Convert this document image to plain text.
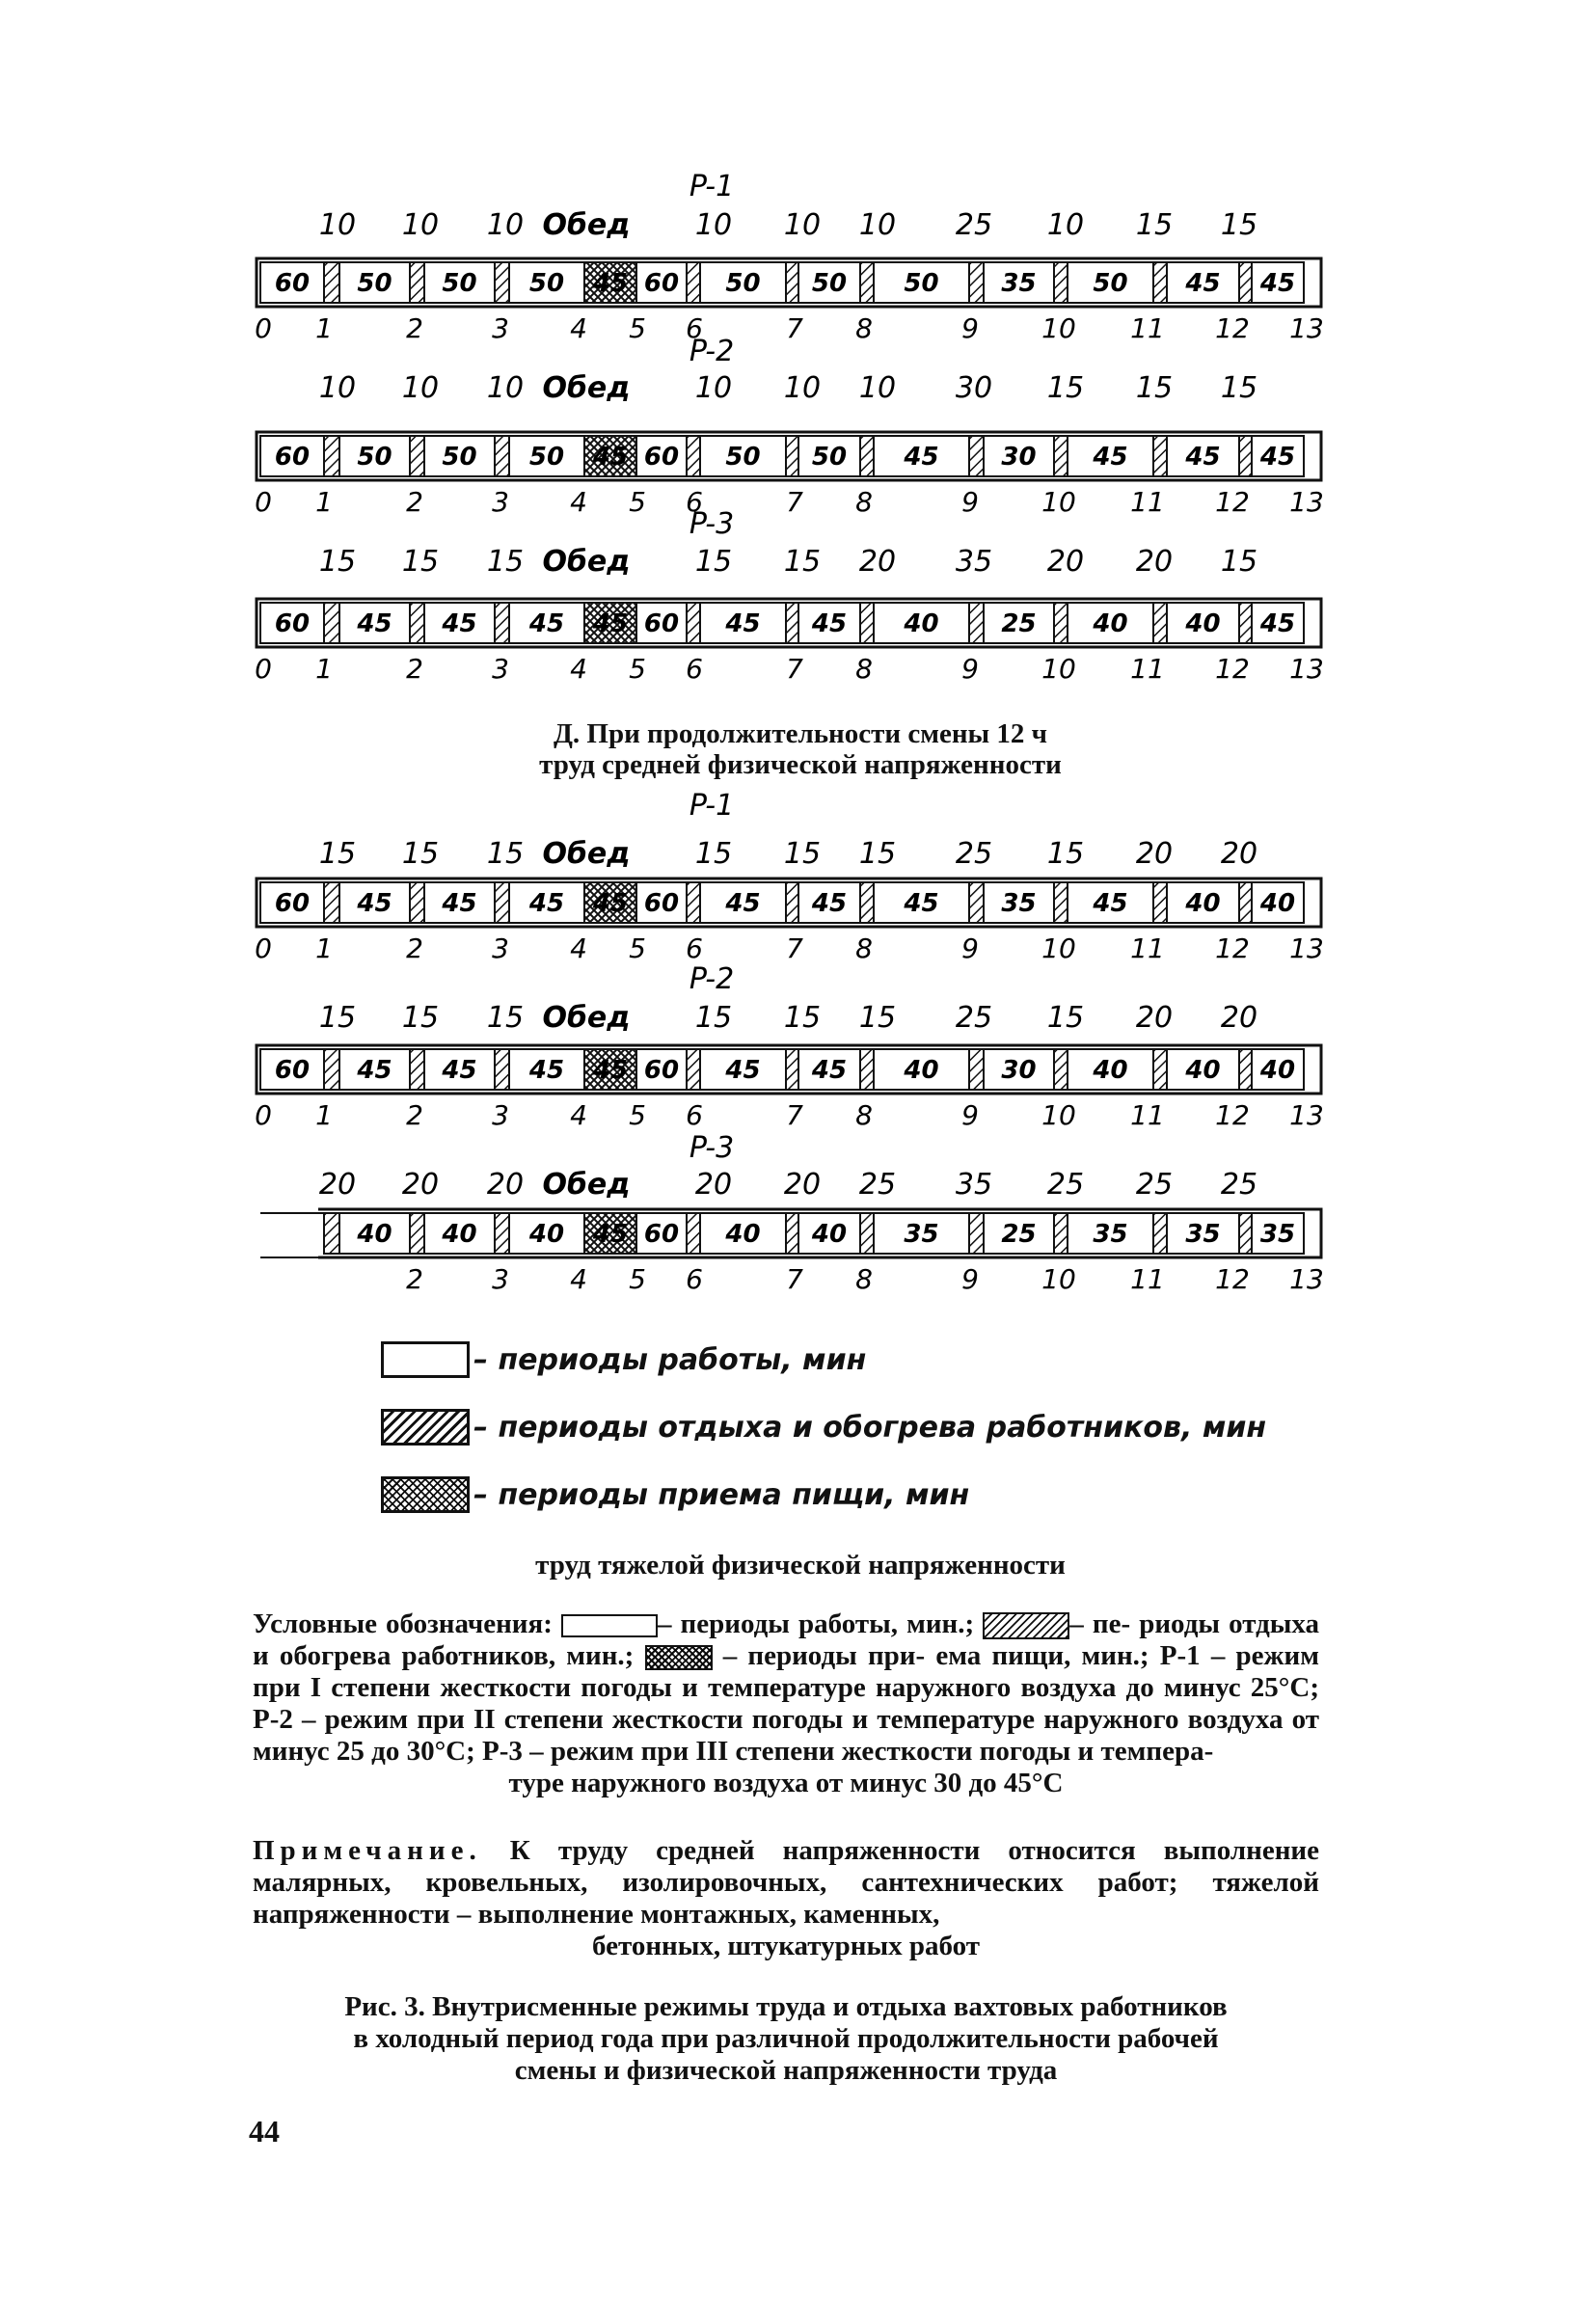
P-1
10 10 10 Обед 10 10 10 25 10 15 15
60 50 50 50 45 60 50 50 50 35 50 45 45
0 1	2	3 4 5 6	7 8	9 10 11 12 13
P-2
10 10 10 Обед 10 10 10 30 15 15 15
60 50 50 50 45 60 50 50 45 30 45 45 45
0 1	2	3 4 5 6	7 8	9 10 11 12 13
P-3
15 15 15 Обед 15 15 20 35 20 20 15
60 45 45 45 45 60 45 45 40 25 40 40 45
0 1	2	3 4 5 6	7 8	9 10 11 12 13
P-1
15 15 15 Обед 15 15 15 25 15 20 20
60 45 45 45 45 60 45 45 45 35 45 40 40
0 1	2	3 4 5 6	7 8	9 10 11 12 13
P-2
15 15 15 Обед 15 15 15 25 15 20 20
60 45 45 45 45 60 45 45 40 30 40 40 40
0 1	2	3 4 5 6	7 8	9 10 11 12 13
P-3
20 20 20 Обед 20 20 25 35 25 25 25
40 40 40 45 60 40 40 35 25 35 35 35
2	3 4 5 6	7 8	9 10 11 12 13
Д. При продолжительности смены 12 ч
труд средней физической напряженности
– периоды работы, мин
– периоды отдыха и обогрева работников, мин
– периоды приема пищи, мин
труд тяжелой физической напряженности
Условные обозначения:	– периоды работы, мин.;	– пе- риоды отдыха и обогрева работников, мин.;	– периоды при- ема пищи, мин.; Р-1 – режим при I степени жесткости погоды и температуре наружного воздуха до минус 25°С; Р-2 – режим при II степени жесткости погоды и температуре наружного воздуха от минус 25 до 30°С; Р-3 – режим при III степени жесткости погоды и темпера-
туре наружного воздуха от минус 30 до 45°С
Примечание. К труду средней напряженности относится выполнение малярных, кровельных, изолировочных, сантехнических работ; тяжелой напряженности – выполнение монтажных, каменных,
бетонных, штукатурных работ
Рис. 3. Внутрисменные режимы труда и отдыха вахтовых работников
в холодный период года при различной продолжительности рабочей
смены и физической напряженности труда
44
